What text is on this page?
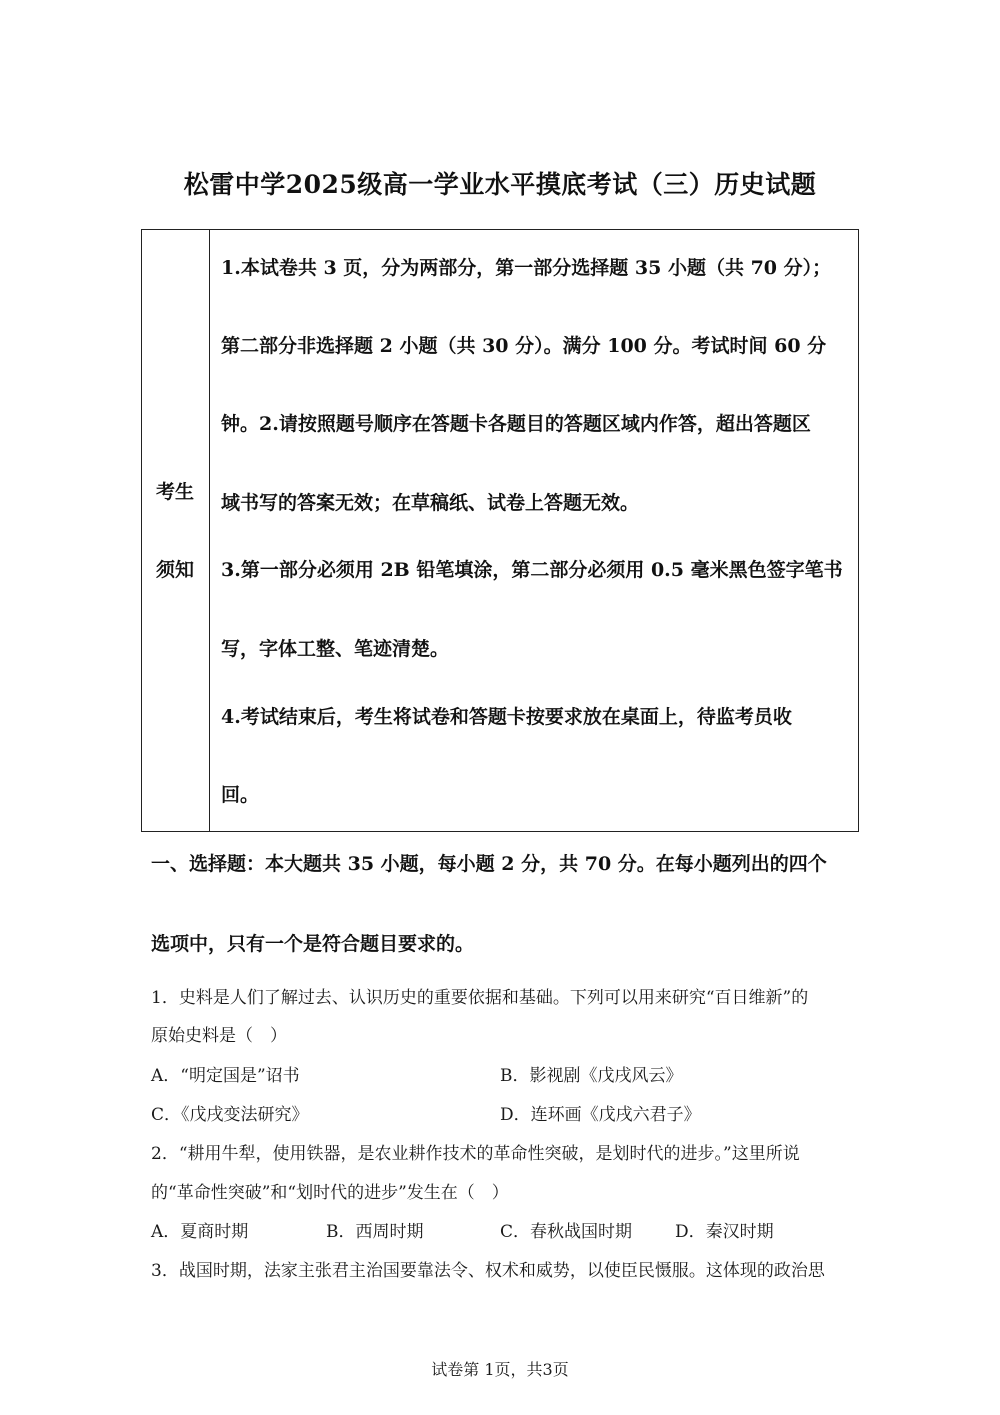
松雷中学2025级高一学业水平摸底考试（三）历史试题
考生
须知
1.本试卷共 3 页，分为两部分，第一部分选择题 35 小题（共 70 分）；
第二部分非选择题 2 小题（共 30 分）。满分 100 分。考试时间 60 分
钟。2.请按照题号顺序在答题卡各题目的答题区域内作答，超出答题区
域书写的答案无效；在草稿纸、试卷上答题无效。
3.第一部分必须用 2B 铅笔填涂，第二部分必须用 0.5 毫米黑色签字笔书
写，字体工整、笔迹清楚。
4.考试结束后，考生将试卷和答题卡按要求放在桌面上，待监考员收
回。
一、选择题：本大题共 35 小题，每小题 2 分，共 70 分。在每小题列出的四个
选项中，只有一个是符合题目要求的。
1．史料是人们了解过去、认识历史的重要依据和基础。下列可以用来研究“百日维新”的
原始史料是（　）
A．“明定国是”诏书	B．影视剧《戊戌风云》
C．《戊戌变法研究》	D．连环画《戊戌六君子》
2．“耕用牛犁，使用铁器，是农业耕作技术的革命性突破，是划时代的进步。”这里所说
的“革命性突破”和“划时代的进步”发生在（　）
A．夏商时期	B．西周时期	C．春秋战国时期	D．秦汉时期
3．战国时期，法家主张君主治国要靠法令、权术和威势，以使臣民慑服。这体现的政治思
试卷第 1页，共3页
